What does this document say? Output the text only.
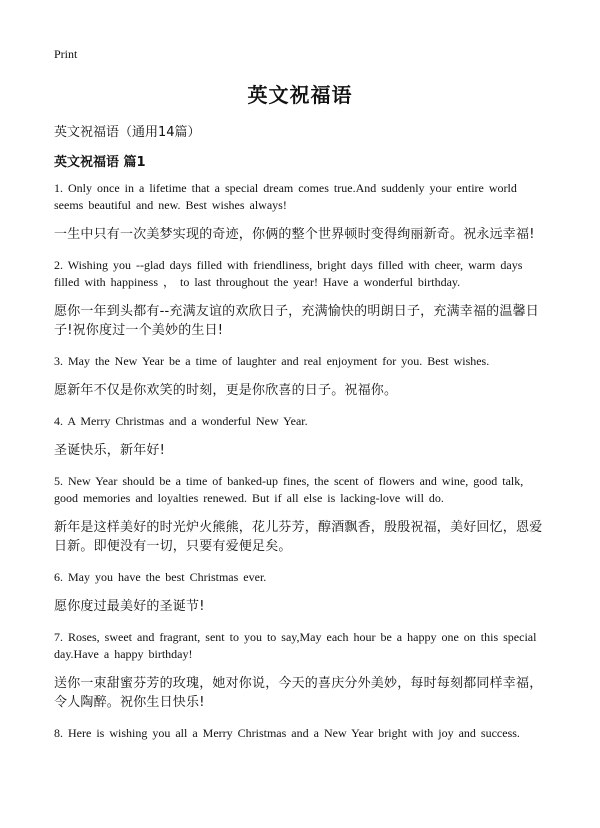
Print
英文祝福语
英文祝福语（通用14篇）
英文祝福语 篇1

1. Only once in a lifetime that a special dream comes true.And suddenly your entire world seems beautiful and new. Best wishes always!

一生中只有一次美梦实现的奇迹，你俩的整个世界顿时变得绚丽新奇。祝永远幸福!

2. Wishing you --glad days filled with friendliness, bright days filled with cheer, warm days filled with happiness ， to last throughout the year! Have a wonderful birthday.

愿你一年到头都有--充满友谊的欢欣日子，充满愉快的明朗日子，充满幸福的温馨日子!祝你度过一个美妙的生日!

3. May the New Year be a time of laughter and real enjoyment for you. Best wishes.

愿新年不仅是你欢笑的时刻，更是你欣喜的日子。祝福你。

4. A Merry Christmas and a wonderful New Year.

圣诞快乐，新年好!

5. New Year should be a time of banked-up fines, the scent of flowers and wine, good talk, good memories and loyalties renewed. But if all else is lacking-love will do.

新年是这样美好的时光炉火熊熊，花儿芬芳，醇酒飘香，殷殷祝福，美好回忆，恩爱日新。即便没有一切，只要有爱便足矣。

6. May you have the best Christmas ever.

愿你度过最美好的圣诞节!

7. Roses, sweet and fragrant, sent to you to say,May each hour be a happy one on this special day.Have a happy birthday!

送你一束甜蜜芬芳的玫瑰，她对你说，今天的喜庆分外美妙，每时每刻都同样幸福，令人陶醉。祝你生日快乐!

8. Here is wishing you all a Merry Christmas and a New Year bright with joy and success.
